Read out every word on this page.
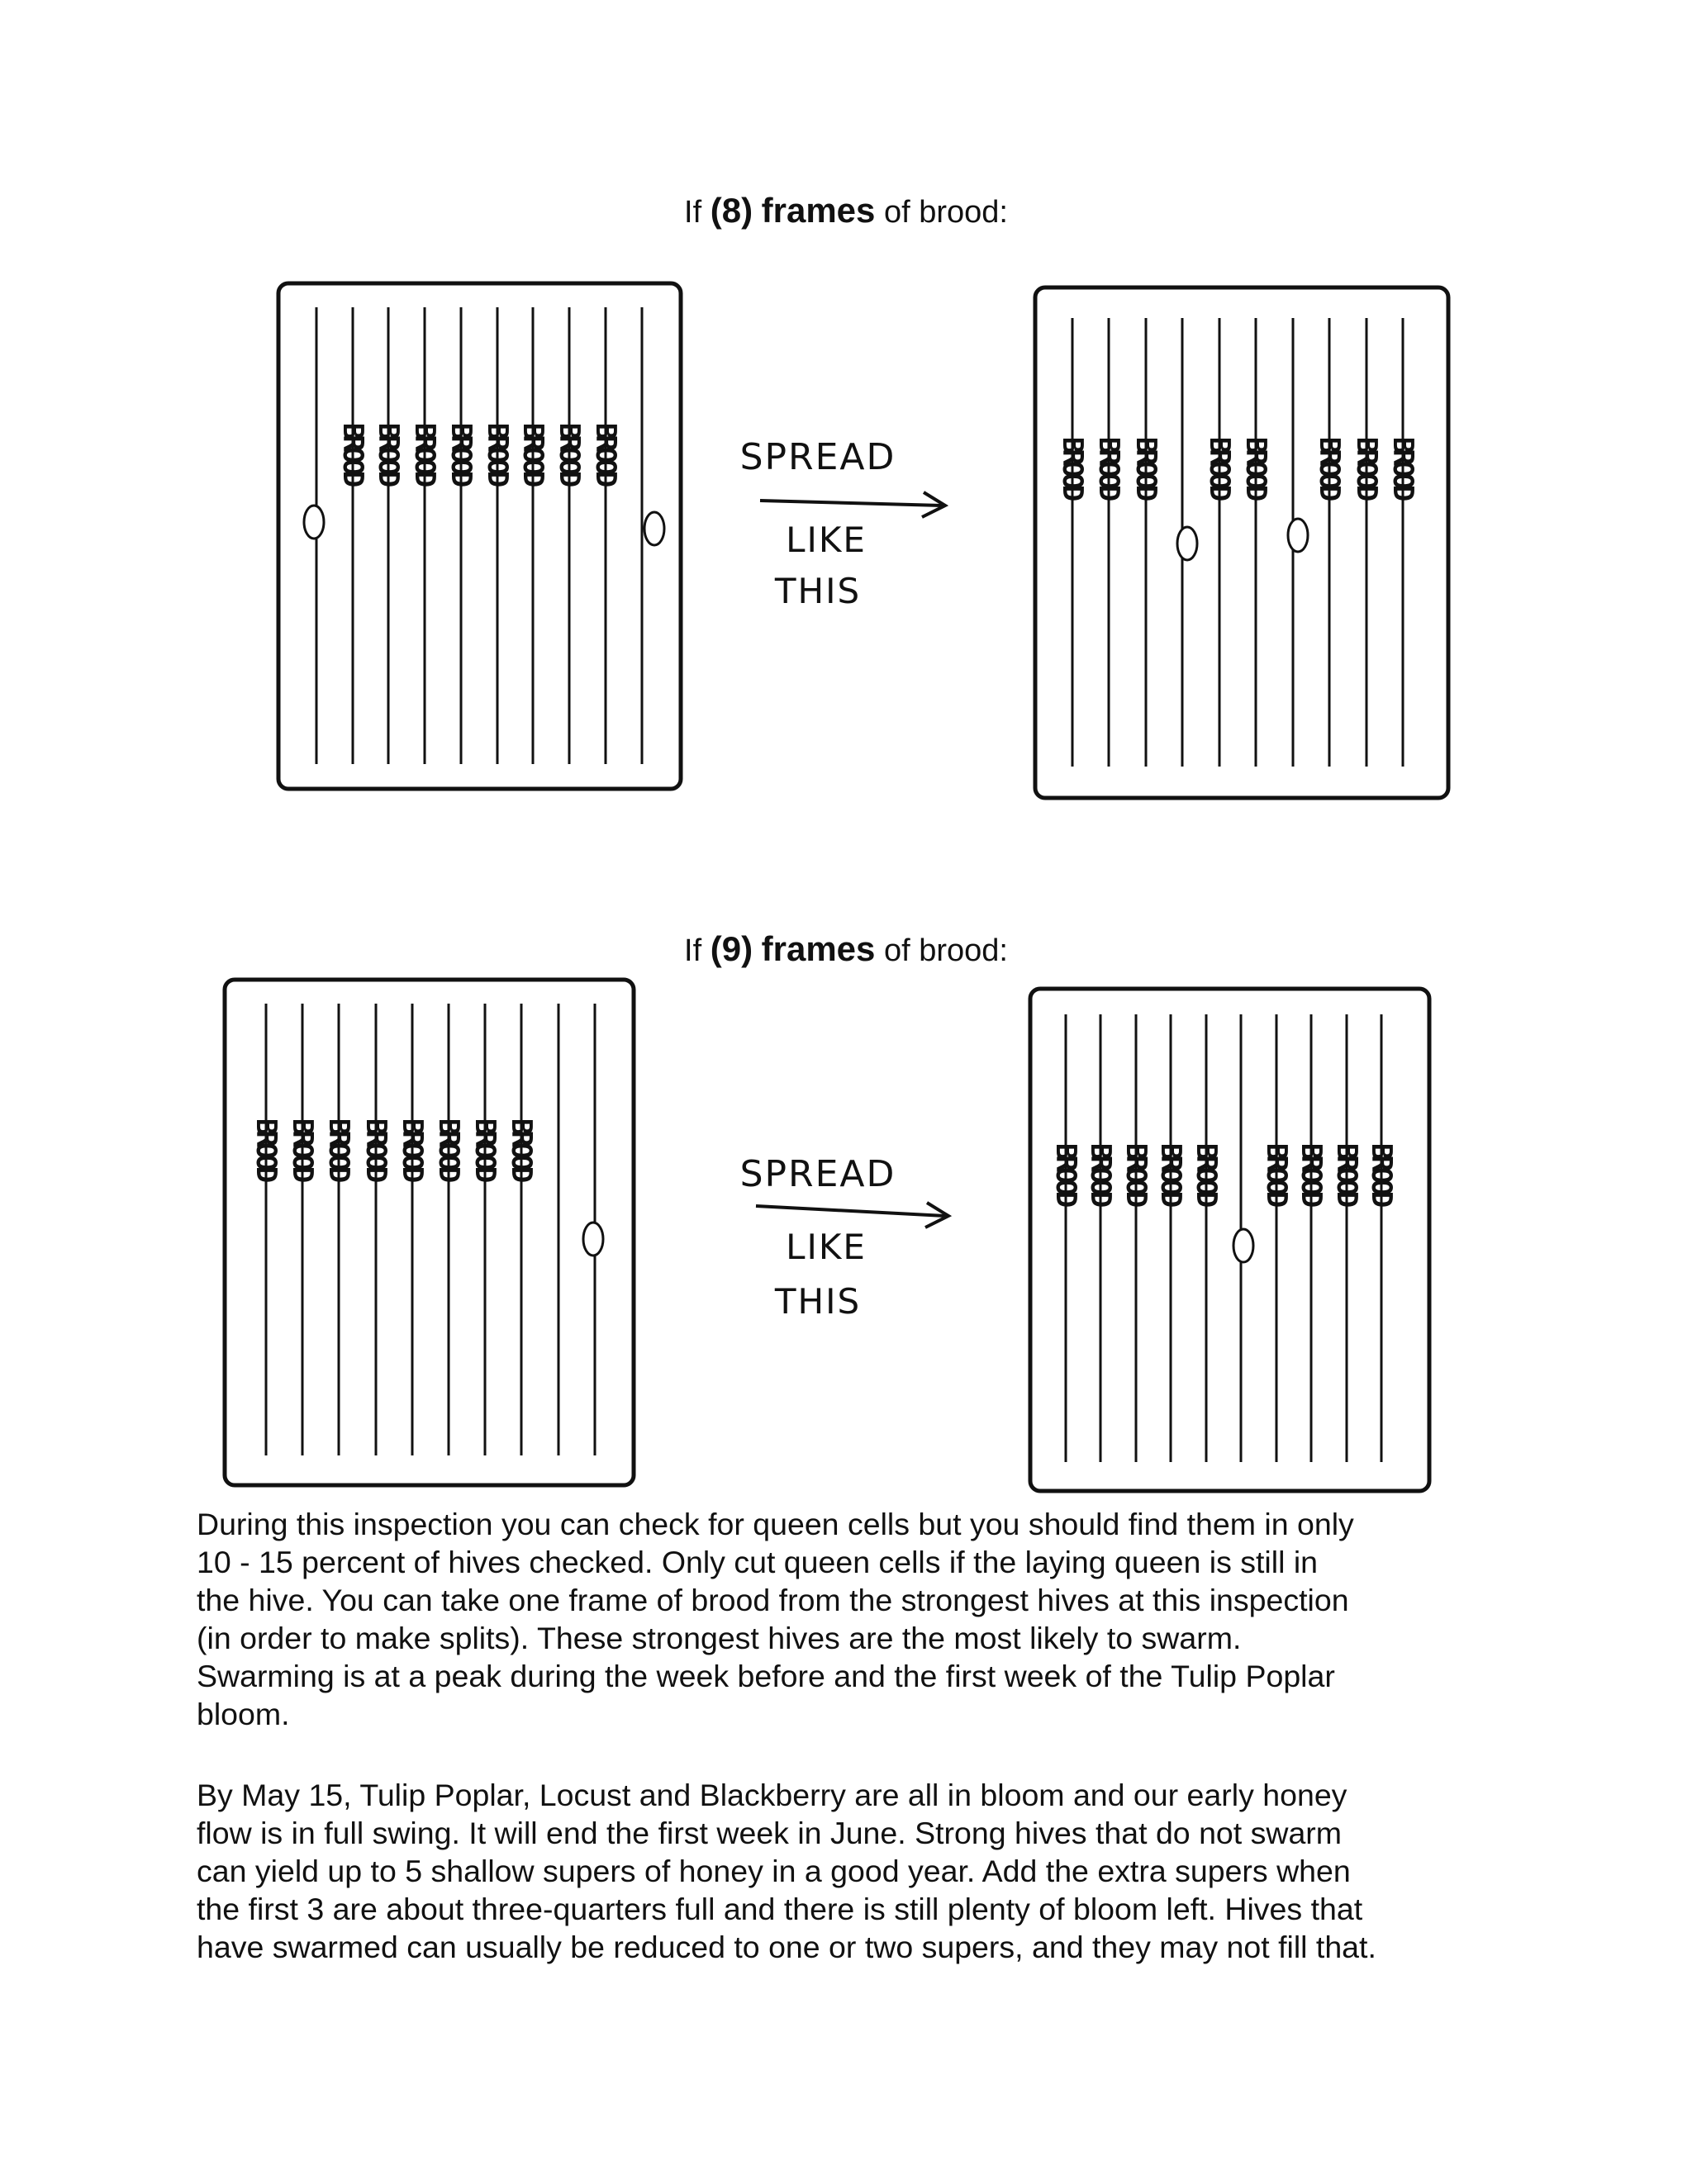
If (8) frames of brood:
If (9) frames of brood:
BROOD BROOD BROOD BROOD BROOD BROOD BROOD BROOD	SPREAD
LIKE
THIS
BROOD BROOD BROOD BROOD BROOD BROOD BROOD BROOD
BROOD BROOD BROOD BROOD BROOD BROOD BROOD BROOD	SPREAD
LIKE
THIS
BROOD BROOD BROOD BROOD BROOD BROOD BROOD BROOD BROOD

During this inspection you can check for queen cells but you should find them in only
10 - 15 percent of hives checked. Only cut queen cells if the laying queen is still in
the hive. You can take one frame of brood from the strongest hives at this inspection
(in order to make splits). These strongest hives are the most likely to swarm.
Swarming is at a peak during the week before and the first week of the Tulip Poplar
bloom.

By May 15, Tulip Poplar, Locust and Blackberry are all in bloom and our early honey
flow is in full swing. It will end the first week in June. Strong hives that do not swarm
can yield up to 5 shallow supers of honey in a good year. Add the extra supers when
the first 3 are about three-quarters full and there is still plenty of bloom left. Hives that
have swarmed can usually be reduced to one or two supers, and they may not fill that.
